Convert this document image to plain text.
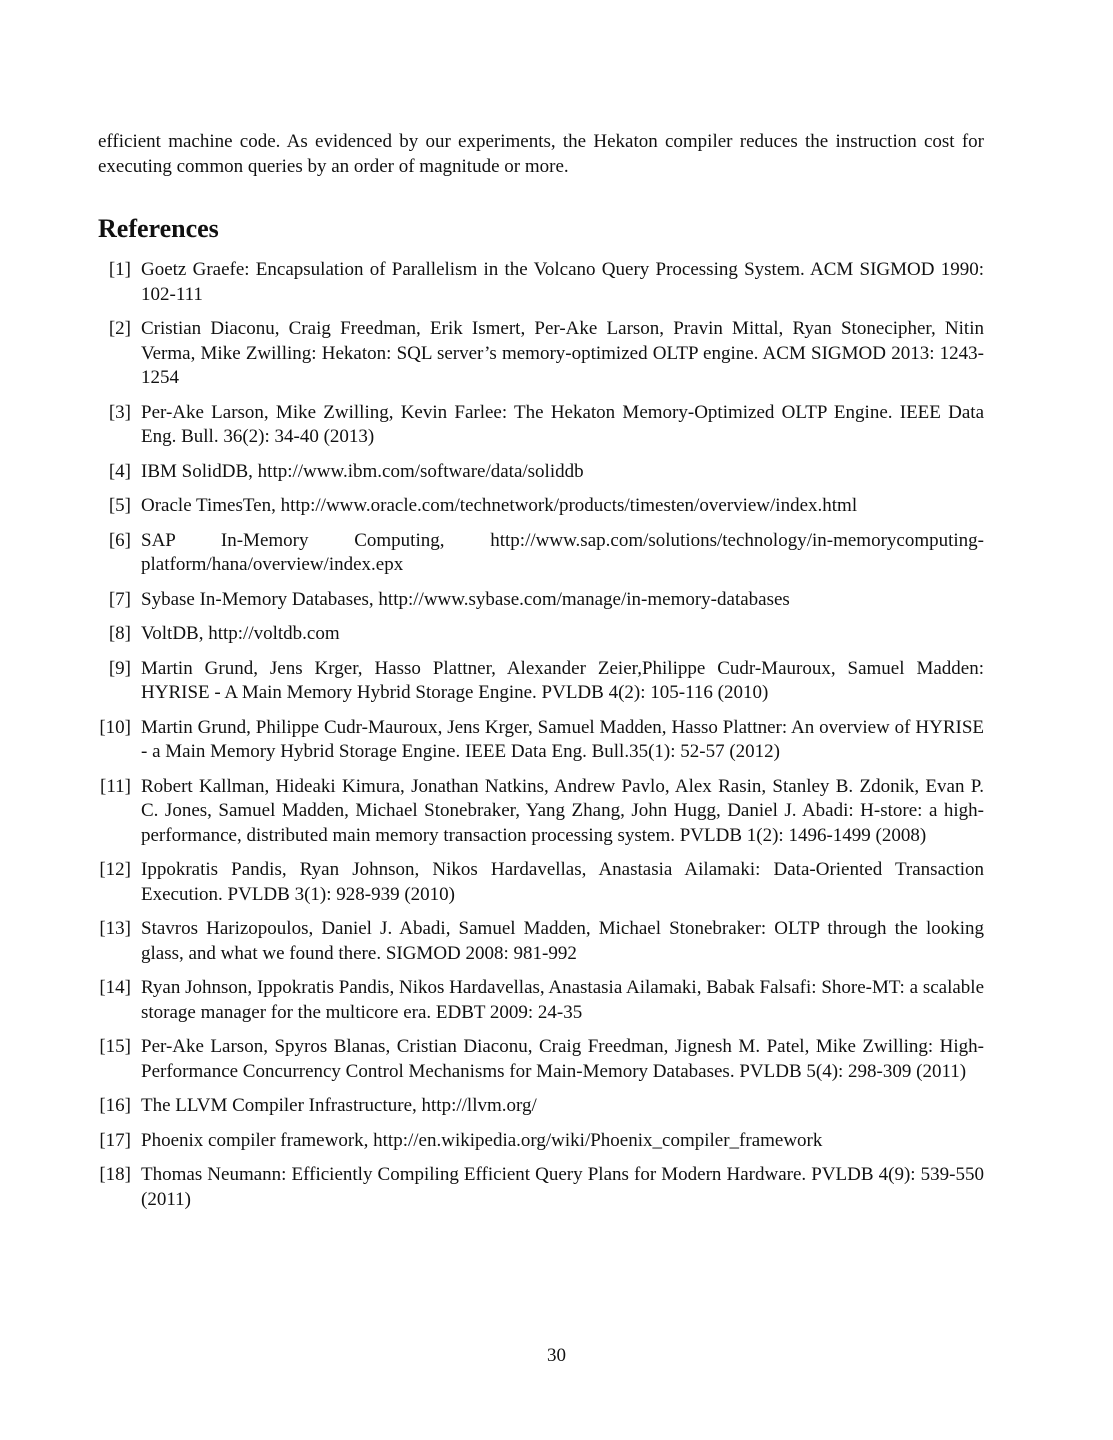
efficient machine code. As evidenced by our experiments, the Hekaton compiler reduces the instruction cost for executing common queries by an order of magnitude or more.

References
[1] Goetz Graefe: Encapsulation of Parallelism in the Volcano Query Processing System. ACM SIGMOD 1990: 102-111
[2] Cristian Diaconu, Craig Freedman, Erik Ismert, Per-Ake Larson, Pravin Mittal, Ryan Stonecipher, Nitin Verma, Mike Zwilling: Hekaton: SQL server’s memory-optimized OLTP engine. ACM SIGMOD 2013: 1243-1254
[3] Per-Ake Larson, Mike Zwilling, Kevin Farlee: The Hekaton Memory-Optimized OLTP Engine. IEEE Data Eng. Bull. 36(2): 34-40 (2013)
[4] IBM SolidDB, http://www.ibm.com/software/data/soliddb
[5] Oracle TimesTen, http://www.oracle.com/technetwork/products/timesten/overview/index.html
[6] SAP In-Memory Computing, http://www.sap.com/solutions/technology/in-memorycomputing-platform/hana/overview/index.epx
[7] Sybase In-Memory Databases, http://www.sybase.com/manage/in-memory-databases
[8] VoltDB, http://voltdb.com
[9] Martin Grund, Jens Krger, Hasso Plattner, Alexander Zeier,Philippe Cudr-Mauroux, Samuel Madden: HYRISE - A Main Memory Hybrid Storage Engine. PVLDB 4(2): 105-116 (2010)
[10] Martin Grund, Philippe Cudr-Mauroux, Jens Krger, Samuel Madden, Hasso Plattner: An overview of HYRISE - a Main Memory Hybrid Storage Engine. IEEE Data Eng. Bull.35(1): 52-57 (2012)
[11] Robert Kallman, Hideaki Kimura, Jonathan Natkins, Andrew Pavlo, Alex Rasin, Stanley B. Zdonik, Evan P. C. Jones, Samuel Madden, Michael Stonebraker, Yang Zhang, John Hugg, Daniel J. Abadi: H-store: a high-performance, distributed main memory transaction processing system. PVLDB 1(2): 1496-1499 (2008)
[12] Ippokratis Pandis, Ryan Johnson, Nikos Hardavellas, Anastasia Ailamaki: Data-Oriented Transaction Execution. PVLDB 3(1): 928-939 (2010)
[13] Stavros Harizopoulos, Daniel J. Abadi, Samuel Madden, Michael Stonebraker: OLTP through the looking glass, and what we found there. SIGMOD 2008: 981-992
[14] Ryan Johnson, Ippokratis Pandis, Nikos Hardavellas, Anastasia Ailamaki, Babak Falsafi: Shore-MT: a scalable storage manager for the multicore era. EDBT 2009: 24-35
[15] Per-Ake Larson, Spyros Blanas, Cristian Diaconu, Craig Freedman, Jignesh M. Patel, Mike Zwilling: High-Performance Concurrency Control Mechanisms for Main-Memory Databases. PVLDB 5(4): 298-309 (2011)
[16] The LLVM Compiler Infrastructure, http://llvm.org/
[17] Phoenix compiler framework, http://en.wikipedia.org/wiki/Phoenix_compiler_framework
[18] Thomas Neumann: Efficiently Compiling Efficient Query Plans for Modern Hardware. PVLDB 4(9): 539-550 (2011)
30
